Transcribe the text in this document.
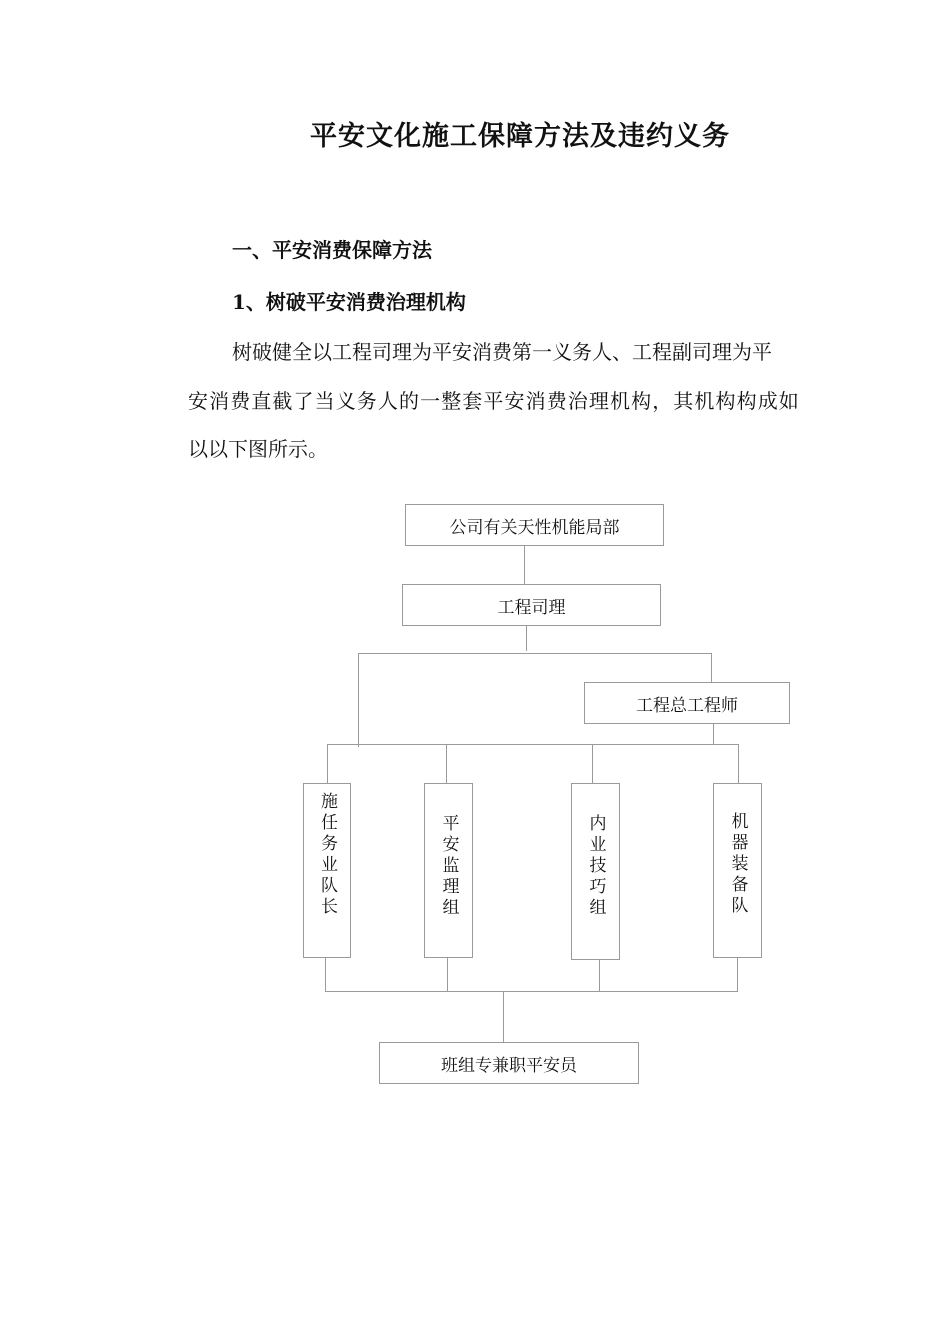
平安文化施工保障方法及违约义务
一、平安消费保障方法
1、树破平安消费治理机构
树破健全以工程司理为平安消费第一义务人、工程副司理为平
安消费直截了当义务人的一整套平安消费治理机构，其机构构成如
以以下图所示。
公司有关天性机能局部
工程司理
工程总工程师
施任务业队长	平安监理组	内业技巧组	机器装备队
班组专兼职平安员
